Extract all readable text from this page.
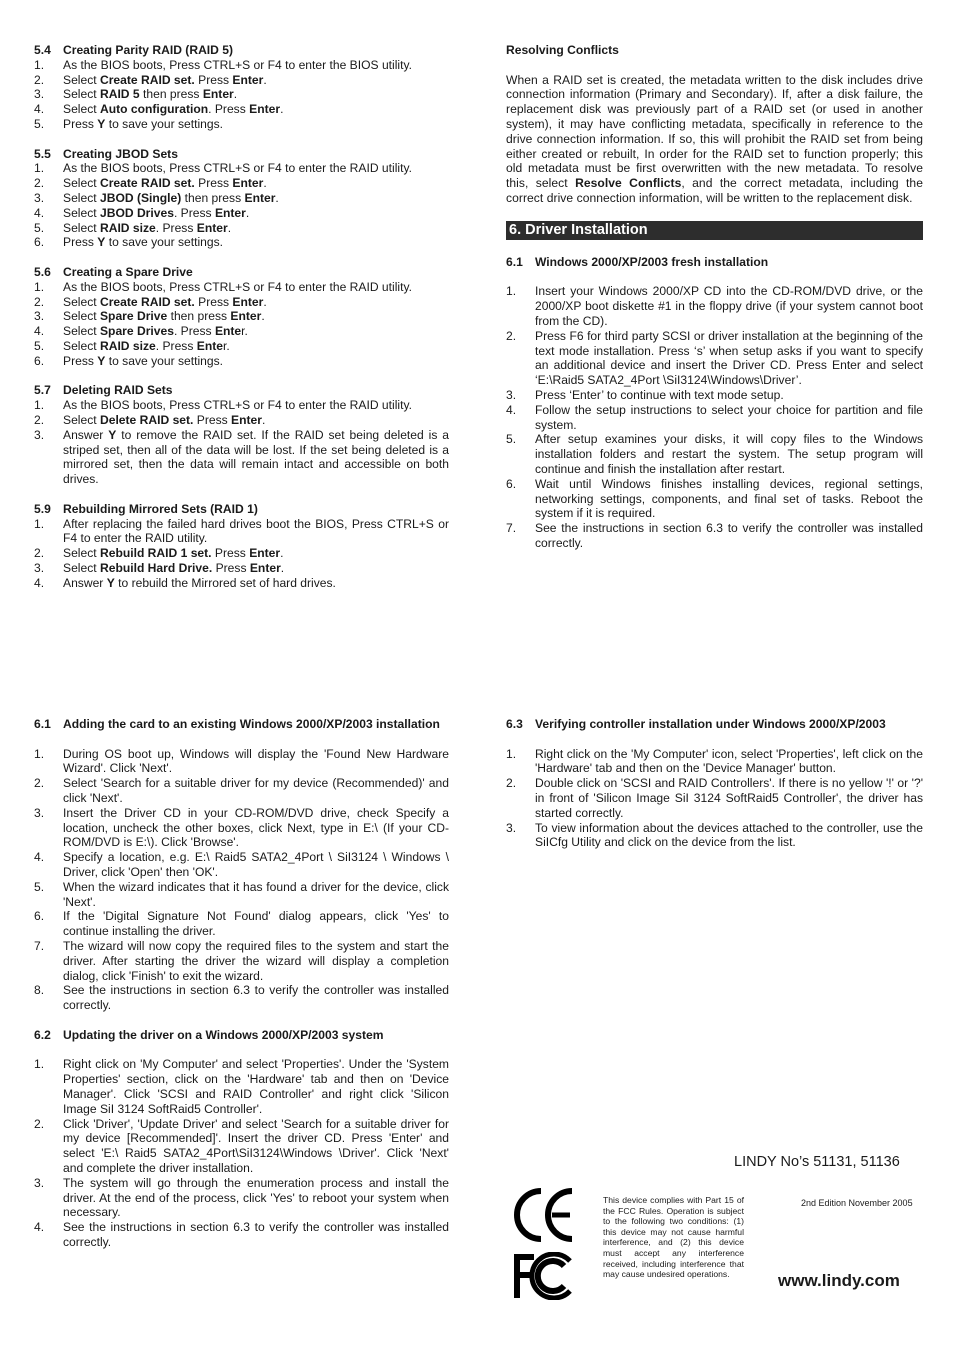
5.4	Creating Parity RAID (RAID 5)
1.	As the BIOS boots, Press CTRL+S or F4 to enter the BIOS utility.
2.	Select Create RAID set. Press Enter.
3.	Select RAID 5 then press Enter.
4.	Select Auto configuration. Press Enter.
5.	Press Y to save your settings.
5.5	Creating JBOD Sets
1.	As the BIOS boots, Press CTRL+S or F4 to enter the RAID utility.
2.	Select Create RAID set. Press Enter.
3.	Select JBOD (Single) then press Enter.
4.	Select JBOD Drives. Press Enter.
5.	Select RAID size. Press Enter.
6.	Press Y to save your settings.
5.6	Creating a Spare Drive
1.	As the BIOS boots, Press CTRL+S or F4 to enter the RAID utility.
2.	Select Create RAID set. Press Enter.
3.	Select Spare Drive then press Enter.
4.	Select Spare Drives. Press Enter.
5.	Select RAID size. Press Enter.
6.	Press Y to save your settings.
5.7	Deleting RAID Sets
1.	As the BIOS boots, Press CTRL+S or F4 to enter the RAID utility.
2.	Select Delete RAID set. Press Enter.
3.	Answer Y to remove the RAID set. If the RAID set being deleted is a striped set, then all of the data will be lost. If the set being deleted is a mirrored set, then the data will remain intact and accessible on both drives.
5.9	Rebuilding Mirrored Sets (RAID 1)
1.	After replacing the failed hard drives boot the BIOS, Press CTRL+S or F4 to enter the RAID utility.
2.	Select Rebuild RAID 1 set. Press Enter.
3.	Select Rebuild Hard Drive. Press Enter.
4.	Answer Y to rebuild the Mirrored set of hard drives.
Resolving Conflicts
When a RAID set is created, the metadata written to the disk includes drive connection information (Primary and Secondary). If, after a disk failure, the replacement disk was previously part of a RAID set (or used in another system), it may have conflicting metadata, specifically in reference to the drive connection information. If so, this will prohibit the RAID set from being either created or rebuilt, In order for the RAID set to function properly; this old metadata must be first overwritten with the new metadata. To resolve this, select Resolve Conflicts, and the correct metadata, including the correct drive connection information, will be written to the replacement disk.
6. Driver Installation
6.1	Windows 2000/XP/2003 fresh installation
1.	Insert your Windows 2000/XP CD into the CD-ROM/DVD drive, or the 2000/XP boot diskette #1 in the floppy drive (if your system cannot boot from the CD).
2.	Press F6 for third party SCSI or driver installation at the beginning of the text mode installation. Press ‘s’ when setup asks if you want to specify an additional device and insert the Driver CD. Press Enter and select ‘E:\Raid5 SATA2_4Port \SiI3124\Windows\Driver’.
3.	Press ‘Enter’ to continue with text mode setup.
4.	Follow the setup instructions to select your choice for partition and file system.
5.	After setup examines your disks, it will copy files to the Windows installation folders and restart the system. The setup program will continue and finish the installation after restart.
6.	Wait until Windows finishes installing devices, regional settings, networking settings, components, and final set of tasks. Reboot the system if it is required.
7.	See the instructions in section 6.3 to verify the controller was installed correctly.
6.1	Adding the card to an existing Windows 2000/XP/2003 installation
1.	During OS boot up, Windows will display the 'Found New Hardware Wizard'. Click 'Next'.
2.	Select 'Search for a suitable driver for my device (Recommended)' and click 'Next'.
3.	Insert the Driver CD in your CD-ROM/DVD drive, check Specify a location, uncheck the other boxes, click Next, type in E:\ (If your CD-ROM/DVD is E:\). Click 'Browse'.
4.	Specify a location, e.g. E:\ Raid5 SATA2_4Port \ SiI3124 \ Windows \ Driver, click 'Open' then 'OK'.
5.	When the wizard indicates that it has found a driver for the device, click 'Next'.
6.	If the 'Digital Signature Not Found' dialog appears, click 'Yes' to continue installing the driver.
7.	The wizard will now copy the required files to the system and start the driver. After starting the driver the wizard will display a completion dialog, click 'Finish' to exit the wizard.
8.	See the instructions in section 6.3 to verify the controller was installed correctly.
6.2	Updating the driver on a Windows 2000/XP/2003 system
1.	Right click on 'My Computer' and select 'Properties'. Under the 'System Properties' section, click on the 'Hardware' tab and then on 'Device Manager'. Click 'SCSI and RAID Controller' and right click 'Silicon Image SiI 3124 SoftRaid5 Controller'.
2.	Click 'Driver', 'Update Driver' and select 'Search for a suitable driver for my device [Recommended]'. Insert the driver CD. Press 'Enter' and select 'E:\ Raid5 SATA2_4Port\SiI3124\Windows \Driver'. Click 'Next' and complete the driver installation.
3.	The system will go through the enumeration process and install the driver. At the end of the process, click 'Yes' to reboot your system when necessary.
4.	See the instructions in section 6.3 to verify the controller was installed correctly.
6.3	Verifying controller installation under Windows 2000/XP/2003
1.	Right click on the 'My Computer' icon, select 'Properties', left click on the 'Hardware' tab and then on the 'Device Manager' button.
2.	Double click on 'SCSI and RAID Controllers'. If there is no yellow '!' or '?' in front of 'Silicon Image SiI 3124 SoftRaid5 Controller', the driver has started correctly.
3.	To view information about the devices attached to the controller, use the SiICfg Utility and click on the device from the list.
LINDY No’s 51131, 51136
CE
FC
This device complies with Part 15 of the FCC Rules. Operation is subject to the following two conditions: (1) this device may not cause harmful interference, and (2) this device must accept any interference received, including interference that may cause undesired operations.
2nd Edition November 2005
www.lindy.com
